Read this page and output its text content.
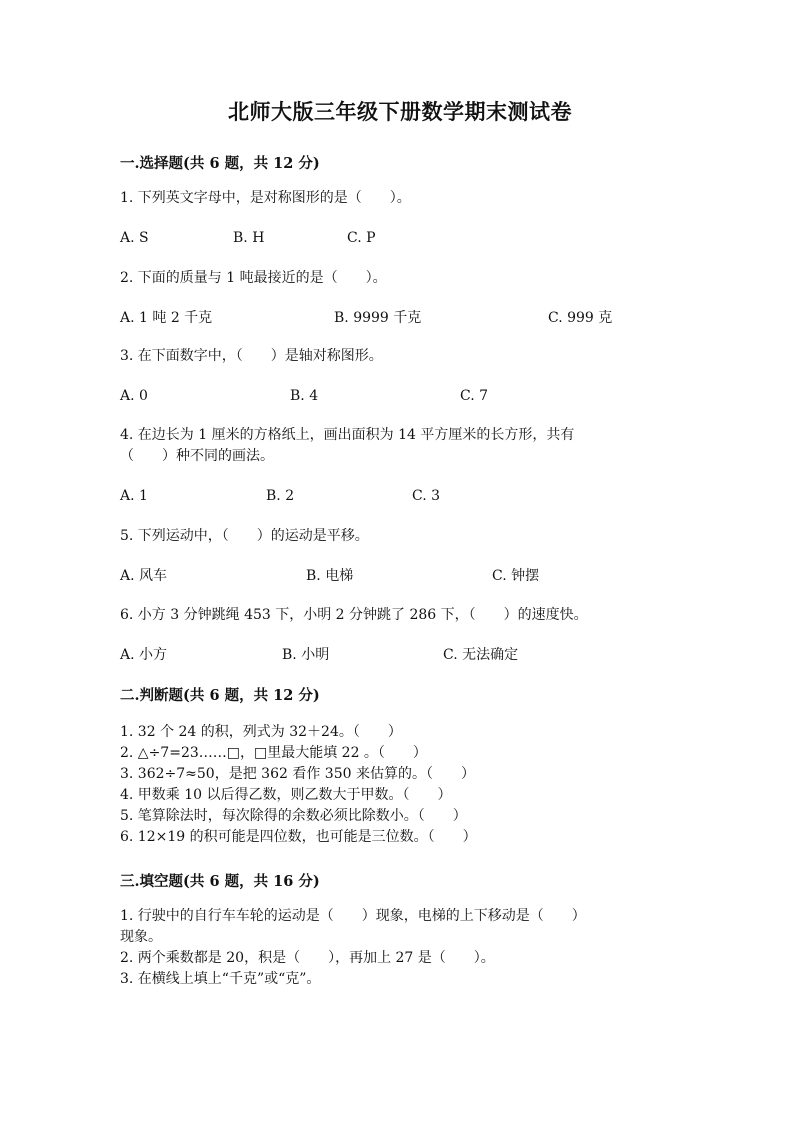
北师大版三年级下册数学期末测试卷
一.选择题(共 6 题，共 12 分)
1. 下列英文字母中，是对称图形的是（　　）。
A. S	B. H	C. P
2. 下面的质量与 1 吨最接近的是（　　）。
A. 1 吨 2 千克	B. 9999 千克	C. 999 克
3. 在下面数字中，（　　）是轴对称图形。
A. 0	B. 4	C. 7
4. 在边长为 1 厘米的方格纸上，画出面积为 14 平方厘米的长方形，共有
（　　）种不同的画法。
A. 1	B. 2	C. 3
5. 下列运动中，（　　）的运动是平移。
A. 风车	B. 电梯	C. 钟摆
6. 小方 3 分钟跳绳 453 下，小明 2 分钟跳了 286 下，（　　）的速度快。
A. 小方	B. 小明	C. 无法确定
二.判断题(共 6 题，共 12 分)
1. 32 个 24 的积，列式为 32＋24。（　　）
2. △÷7=23……□，□里最大能填 22 。（　　）
3. 362÷7≈50，是把 362 看作 350 来估算的。（　　）
4. 甲数乘 10 以后得乙数，则乙数大于甲数。（　　）
5. 笔算除法时，每次除得的余数必须比除数小。（　　）
6. 12×19 的积可能是四位数，也可能是三位数。（　　）
三.填空题(共 6 题，共 16 分)
1. 行驶中的自行车车轮的运动是（　　）现象，电梯的上下移动是（　　）
现象。
2. 两个乘数都是 20，积是（　　），再加上 27 是（　　）。
3. 在横线上填上“千克”或“克”。
